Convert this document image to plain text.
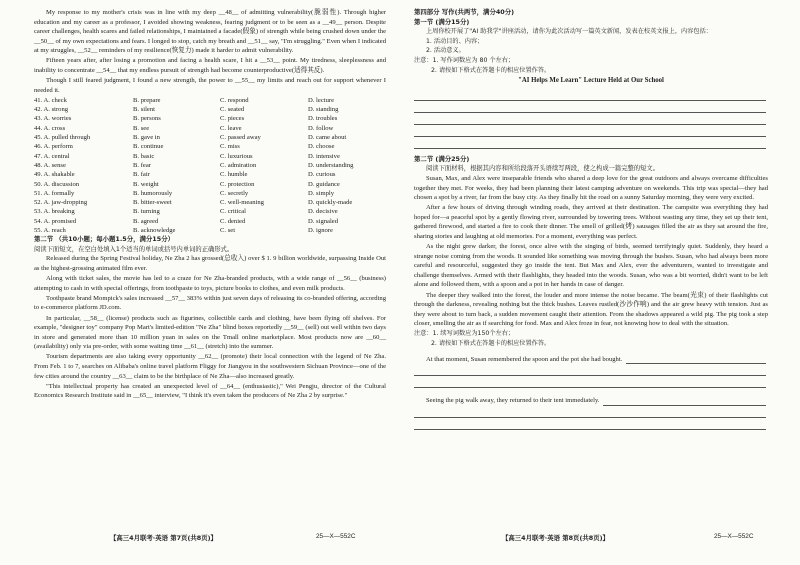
My response to my mother's crisis was in line with my deep __48__ of admitting vulnerability(脆弱性). Through higher education and my career as a professor, I avoided showing weakness, fearing judgment or to be seen as a __49__ person. Despite career challenges, health scares and failed relationships, I maintained a facade(假象) of strength while being crushed down under the __50__ of my own expectations and fears. I longed to stop, catch my breath and __51__ say, "I'm struggling." Even when I indicated at my struggles, __52__ reminders of my resilience(恢复力) made it harder to admit vulnerability.

Fifteen years after, after losing a promotion and facing a health scare, I hit a __53__ point. My tiredness, sleeplessness and inability to concentrate __54__ that my endless pursuit of strength had become counterproductive(适得其反).

Though I still feared judgment, I found a new strength, the power to __55__ my limits and reach out for support whenever I needed it.

41. A. check	B. prepare	C. respond	D. lecture
42. A. strong	B. silent	C. seated	D. standing
43. A. worries	B. persons	C. pieces	D. troubles
44. A. cross	B. see	C. leave	D. follow
45. A. pulled through	B. gave in	C. passed away	D. came about
46. A. perform	B. continue	C. miss	D. choose
47. A. central	B. basic	C. luxurious	D. intensive
48. A. sense	B. fear	C. admiration	D. understanding
49. A. shakable	B. fair	C. humble	D. curious
50. A. discussion	B. weight	C. protection	D. guidance
51. A. formally	B. humorously	C. secretly	D. simply
52. A. jaw-dropping	B. bitter-sweet	C. well-meaning	D. quickly-made
53. A. breaking	B. turning	C. critical	D. decisive
54. A. promised	B. agreed	C. denied	D. signaled
55. A. reach	B. acknowledge	C. set	D. ignore
第二节 （共10小题；每小题1.5分，满分15分）
阅读下面短文，在空白处填入1个适当的单词或括号内单词的正确形式。

Released during the Spring Festival holiday, Ne Zha 2 has grossed(总收入) over $ 1. 9 billion worldwide, surpassing Inside Out as the highest-grossing animated film ever.

Along with ticket sales, the movie has led to a craze for Ne Zha-branded products, with a wide range of __56__ (business) attempting to cash in with special offerings, from toothpaste to toys, picture books to clothes, and even milk products.

Toothpaste brand Mompick's sales increased __57__ 383% within just seven days of releasing its co-branded offering, according to e-commerce platform JD.com.

In particular, __58__ (license) products such as figurines, collectible cards and clothing, have been flying off shelves. For example, "designer toy" company Pop Mart's limited-edition "Ne Zha" blind boxes reportedly __59__ (sell) out well within two days in store and generated more than 10 million yuan in sales on the Tmall online marketplace. Most products now are __60__ (availability) only via pre-order, with some waiting time __61__ (stretch) into the summer.

Tourism departments are also taking every opportunity __62__ (promote) their local connection with the legend of Ne Zha. From Feb. 1 to 7, searches on Alibaba's online travel platform Fliggy for Jiangyou in the southwestern Sichuan Province—one of the few cities around the country __63__ claim to be the birthplace of Ne Zha—also increased greatly.

"This intellectual property has created an unexpected level of __64__ (enthusiastic)," Wei Pengju, director of the Cultural Economics Research Institute said in __65__ interview, "I think it's even taken the producers of Ne Zha 2 by surprise."

第四部分 写作(共两节，满分40分)
第一节 (满分15分)
上周你校开展了"AI 助我学"讲座活动，请你为此次活动写一篇英文新闻，发表在校英文报上，内容包括：
1. 活动目的、内容；
2. 活动意义。
注意：1. 写作词数应为 80 个左右；
2. 请按如下格式在答题卡的相应位置作答。
"AI Helps Me Learn" Lecture Held at Our School
第二节 (满分25分)
阅读下面材料，根据其内容和所给段落开头语续写两段，使之构成一篇完整的短文。

Susan, Max, and Alex were inseparable friends who shared a deep love for the great outdoors and always overcame difficulties together they met. For weeks, they had been planning their latest camping adventure on weekends. This trip was special—they had chosen a spot by a river, far from the busy city. As they finally hit the road on a sunny Saturday morning, they were very excited.

After a few hours of driving through winding roads, they arrived at their destination. The campsite was everything they had hoped for—a peaceful spot by a gently flowing river, surrounded by towering trees. Without wasting any time, they set up their tent, gathered firewood, and started a fire to cook their dinner. The smell of grilled(烤) sausages filled the air as they sat around the fire, sharing stories and laughing at old memories. For a moment, everything was perfect.

As the night grew darker, the forest, once alive with the singing of birds, seemed terrifyingly quiet. Suddenly, they heard a strange noise coming from the woods. It sounded like something was moving through the bushes. Susan, who had always been more careful and resourceful, suggested they go inside the tent. But Max and Alex, ever the adventurers, wanted to investigate and challenge themselves. Armed with their flashlights, they headed into the woods. Susan, who was a bit worried, didn't want to be left alone and followed them, with a spoon and a pot in her hands in case of danger.

The deeper they walked into the forest, the louder and more intense the noise became. The beam(光束) of their flashlights cut through the darkness, revealing nothing but the thick bushes. Leaves rustled(沙沙作响) and the air grew heavy with tension. Just as they were about to turn back, a sudden movement caught their attention. From the shadows appeared a wild pig. The pig took a step closer, smelling the air as if searching for food. Max and Alex froze in fear, not knowing how to deal with the situation.

注意：1. 续写词数应为150个左右；
2. 请按如下格式在答题卡的相应位置作答。
At that moment, Susan remembered the spoon and the pot she had bought.
Seeing the pig walk away, they returned to their tent immediately.
【高三4月联考·英语 第7页(共8页)】	25—X—552C	【高三4月联考·英语 第8页(共8页)】	25—X—552C
